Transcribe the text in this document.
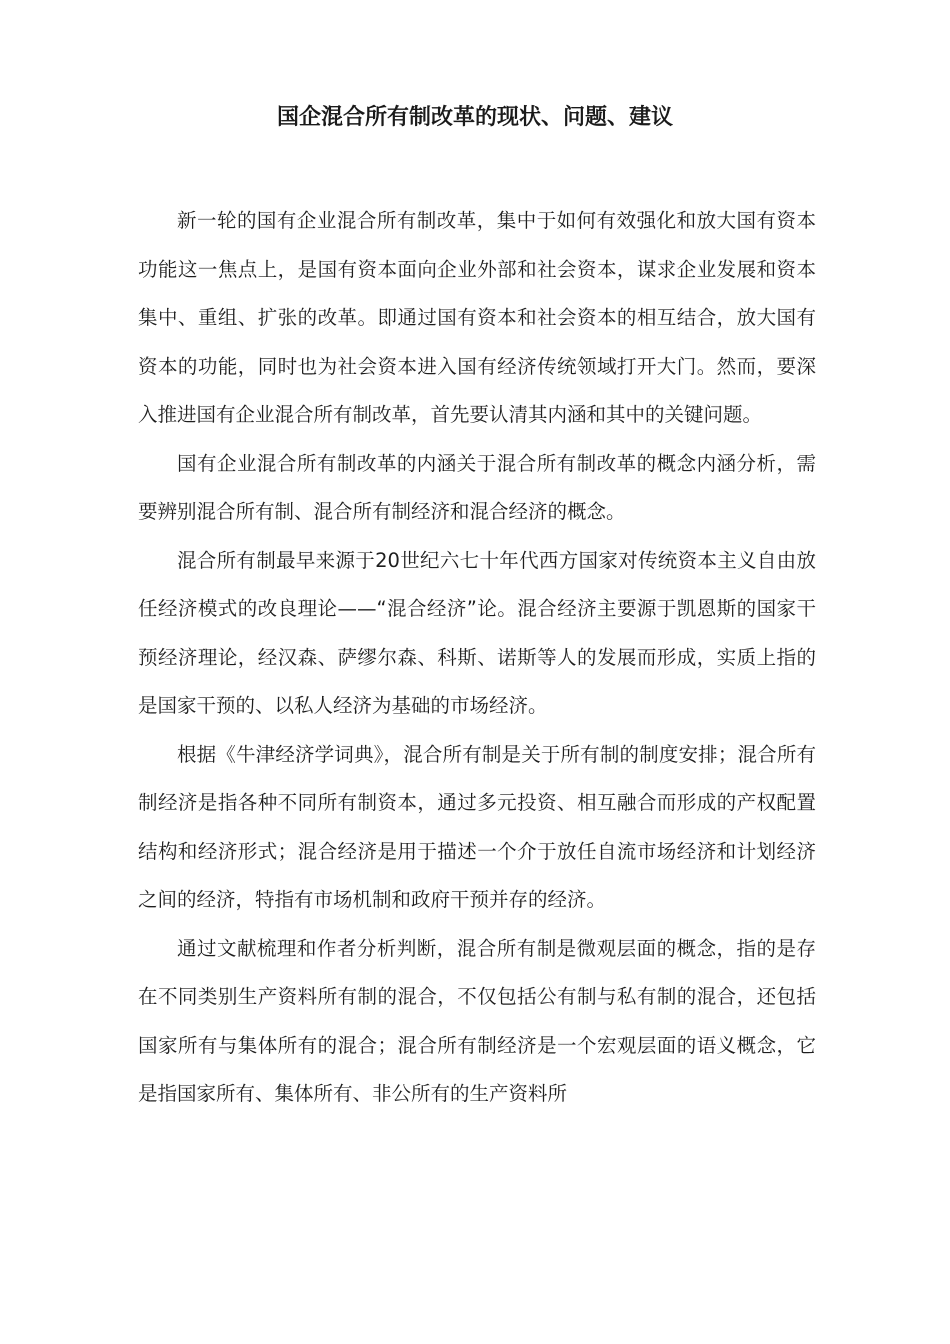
国企混合所有制改革的现状、问题、建议

新一轮的国有企业混合所有制改革，集中于如何有效强化和放大国有资本功能这一焦点上，是国有资本面向企业外部和社会资本，谋求企业发展和资本集中、重组、扩张的改革。即通过国有资本和社会资本的相互结合，放大国有资本的功能，同时也为社会资本进入国有经济传统领域打开大门。然而，要深入推进国有企业混合所有制改革，首先要认清其内涵和其中的关键问题。

国有企业混合所有制改革的内涵关于混合所有制改革的概念内涵分析，需要辨别混合所有制、混合所有制经济和混合经济的概念。

混合所有制最早来源于20世纪六七十年代西方国家对传统资本主义自由放任经济模式的改良理论——“混合经济”论。混合经济主要源于凯恩斯的国家干预经济理论，经汉森、萨缪尔森、科斯、诺斯等人的发展而形成，实质上指的是国家干预的、以私人经济为基础的市场经济。

根据《牛津经济学词典》，混合所有制是关于所有制的制度安排；混合所有制经济是指各种不同所有制资本，通过多元投资、相互融合而形成的产权配置结构和经济形式；混合经济是用于描述一个介于放任自流市场经济和计划经济之间的经济，特指有市场机制和政府干预并存的经济。

通过文献梳理和作者分析判断，混合所有制是微观层面的概念，指的是存在不同类别生产资料所有制的混合，不仅包括公有制与私有制的混合，还包括国家所有与集体所有的混合；混合所有制经济是一个宏观层面的语义概念，它是指国家所有、集体所有、非公所有的生产资料所
